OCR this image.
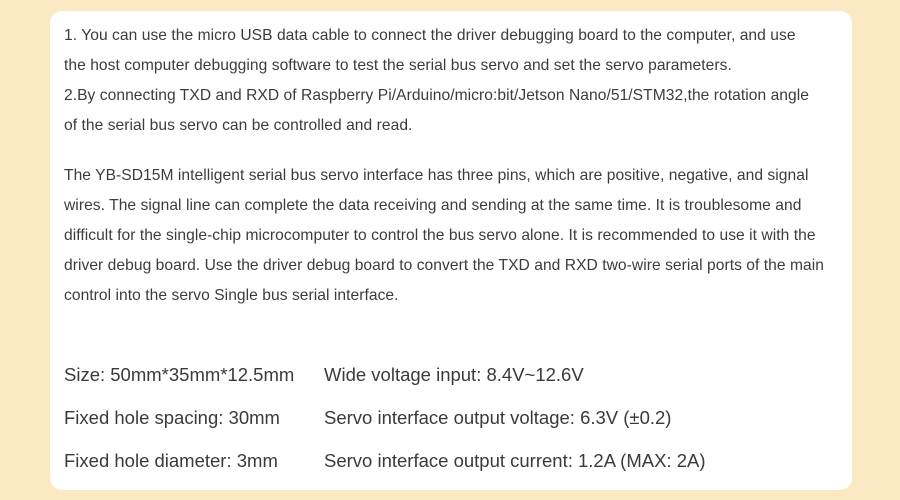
1. You can use the micro USB data cable to connect the driver debugging board to the computer, and use

the host computer debugging software to test the serial bus servo and set the servo parameters.

2.By connecting TXD and RXD of Raspberry Pi/Arduino/micro:bit/Jetson Nano/51/STM32,the rotation angle

of the serial bus servo can be controlled and read.

The YB-SD15M intelligent serial bus servo interface has three pins, which are positive, negative, and signal

wires. The signal line can complete the data receiving and sending at the same time. It is troublesome and

difficult for the single-chip microcomputer to control the bus servo alone. It is recommended to use it with the

driver debug board. Use the driver debug board to convert the TXD and RXD two-wire serial ports of the main

control into the servo Single bus serial interface.

Size: 50mm*35mm*12.5mm Wide voltage input: 8.4V~12.6V

Fixed hole spacing: 30mm Servo interface output voltage: 6.3V (±0.2)

Fixed hole diameter: 3mm Servo interface output current: 1.2A (MAX: 2A)
